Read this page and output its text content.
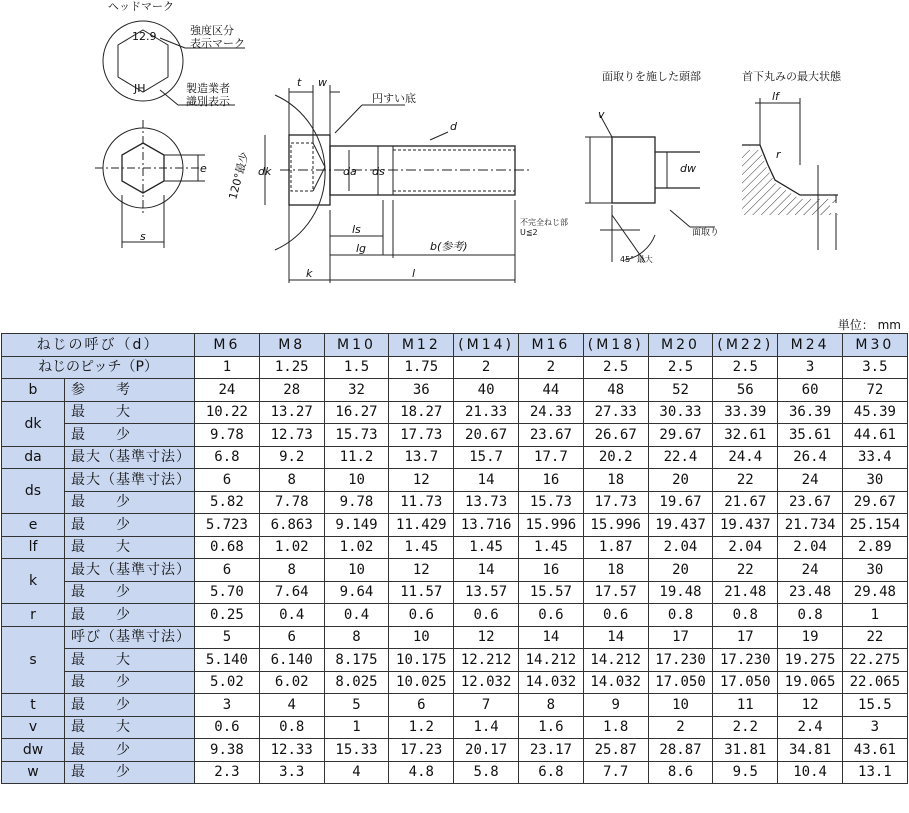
ヘッドマーク
強度区分
表示マーク
製造業者
識別表示
12.9
JH
円すい底
120°最少
面取りを施した頭部	首下丸みの最大状態
不完全ねじ部
U≦2	面取り
45° 最大
b(参考)
t w
d
ds
da
dk
e
s
k	l
lg
ls
v
dw
r
lf
単位： mm
ねじの呼び（d）		M6	M8	M10	M12	(M14)	M16	(M18)	M20	(M22)	M24	M30
ねじのピッチ（P）		1	1.25	1.5	1.75	2	2	2.5	2.5	2.5	3	3.5
b	参　　考	24	28	32	36	40	44	48	52	56	60	72
dk	最　　大	10.22	13.27	16.27	18.27	21.33	24.33	27.33	30.33	33.39	36.39	45.39
	最　　少	9.78	12.73	15.73	17.73	20.67	23.67	26.67	29.67	32.61	35.61	44.61
da	最大（基準寸法）	6.8	9.2	11.2	13.7	15.7	17.7	20.2	22.4	24.4	26.4	33.4
ds	最大（基準寸法）	6	8	10	12	14	16	18	20	22	24	30
	最　　少	5.82	7.78	9.78	11.73	13.73	15.73	17.73	19.67	21.67	23.67	29.67
e	最　　少	5.723	6.863	9.149	11.429	13.716	15.996	15.996	19.437	19.437	21.734	25.154
lf	最　　大	0.68	1.02	1.02	1.45	1.45	1.45	1.87	2.04	2.04	2.04	2.89
k	最大（基準寸法）	6	8	10	12	14	16	18	20	22	24	30
	最　　少	5.70	7.64	9.64	11.57	13.57	15.57	17.57	19.48	21.48	23.48	29.48
r	最　　少	0.25	0.4	0.4	0.6	0.6	0.6	0.6	0.8	0.8	0.8	1
s	呼び（基準寸法）	5	6	8	10	12	14	14	17	17	19	22
	最　　大	5.140	6.140	8.175	10.175	12.212	14.212	14.212	17.230	17.230	19.275	22.275
	最　　少	5.02	6.02	8.025	10.025	12.032	14.032	14.032	17.050	17.050	19.065	22.065
t	最　　少	3	4	5	6	7	8	9	10	11	12	15.5
v	最　　大	0.6	0.8	1	1.2	1.4	1.6	1.8	2	2.2	2.4	3
dw	最　　少	9.38	12.33	15.33	17.23	20.17	23.17	25.87	28.87	31.81	34.81	43.61
w	最　　少	2.3	3.3	4	4.8	5.8	6.8	7.7	8.6	9.5	10.4	13.1
